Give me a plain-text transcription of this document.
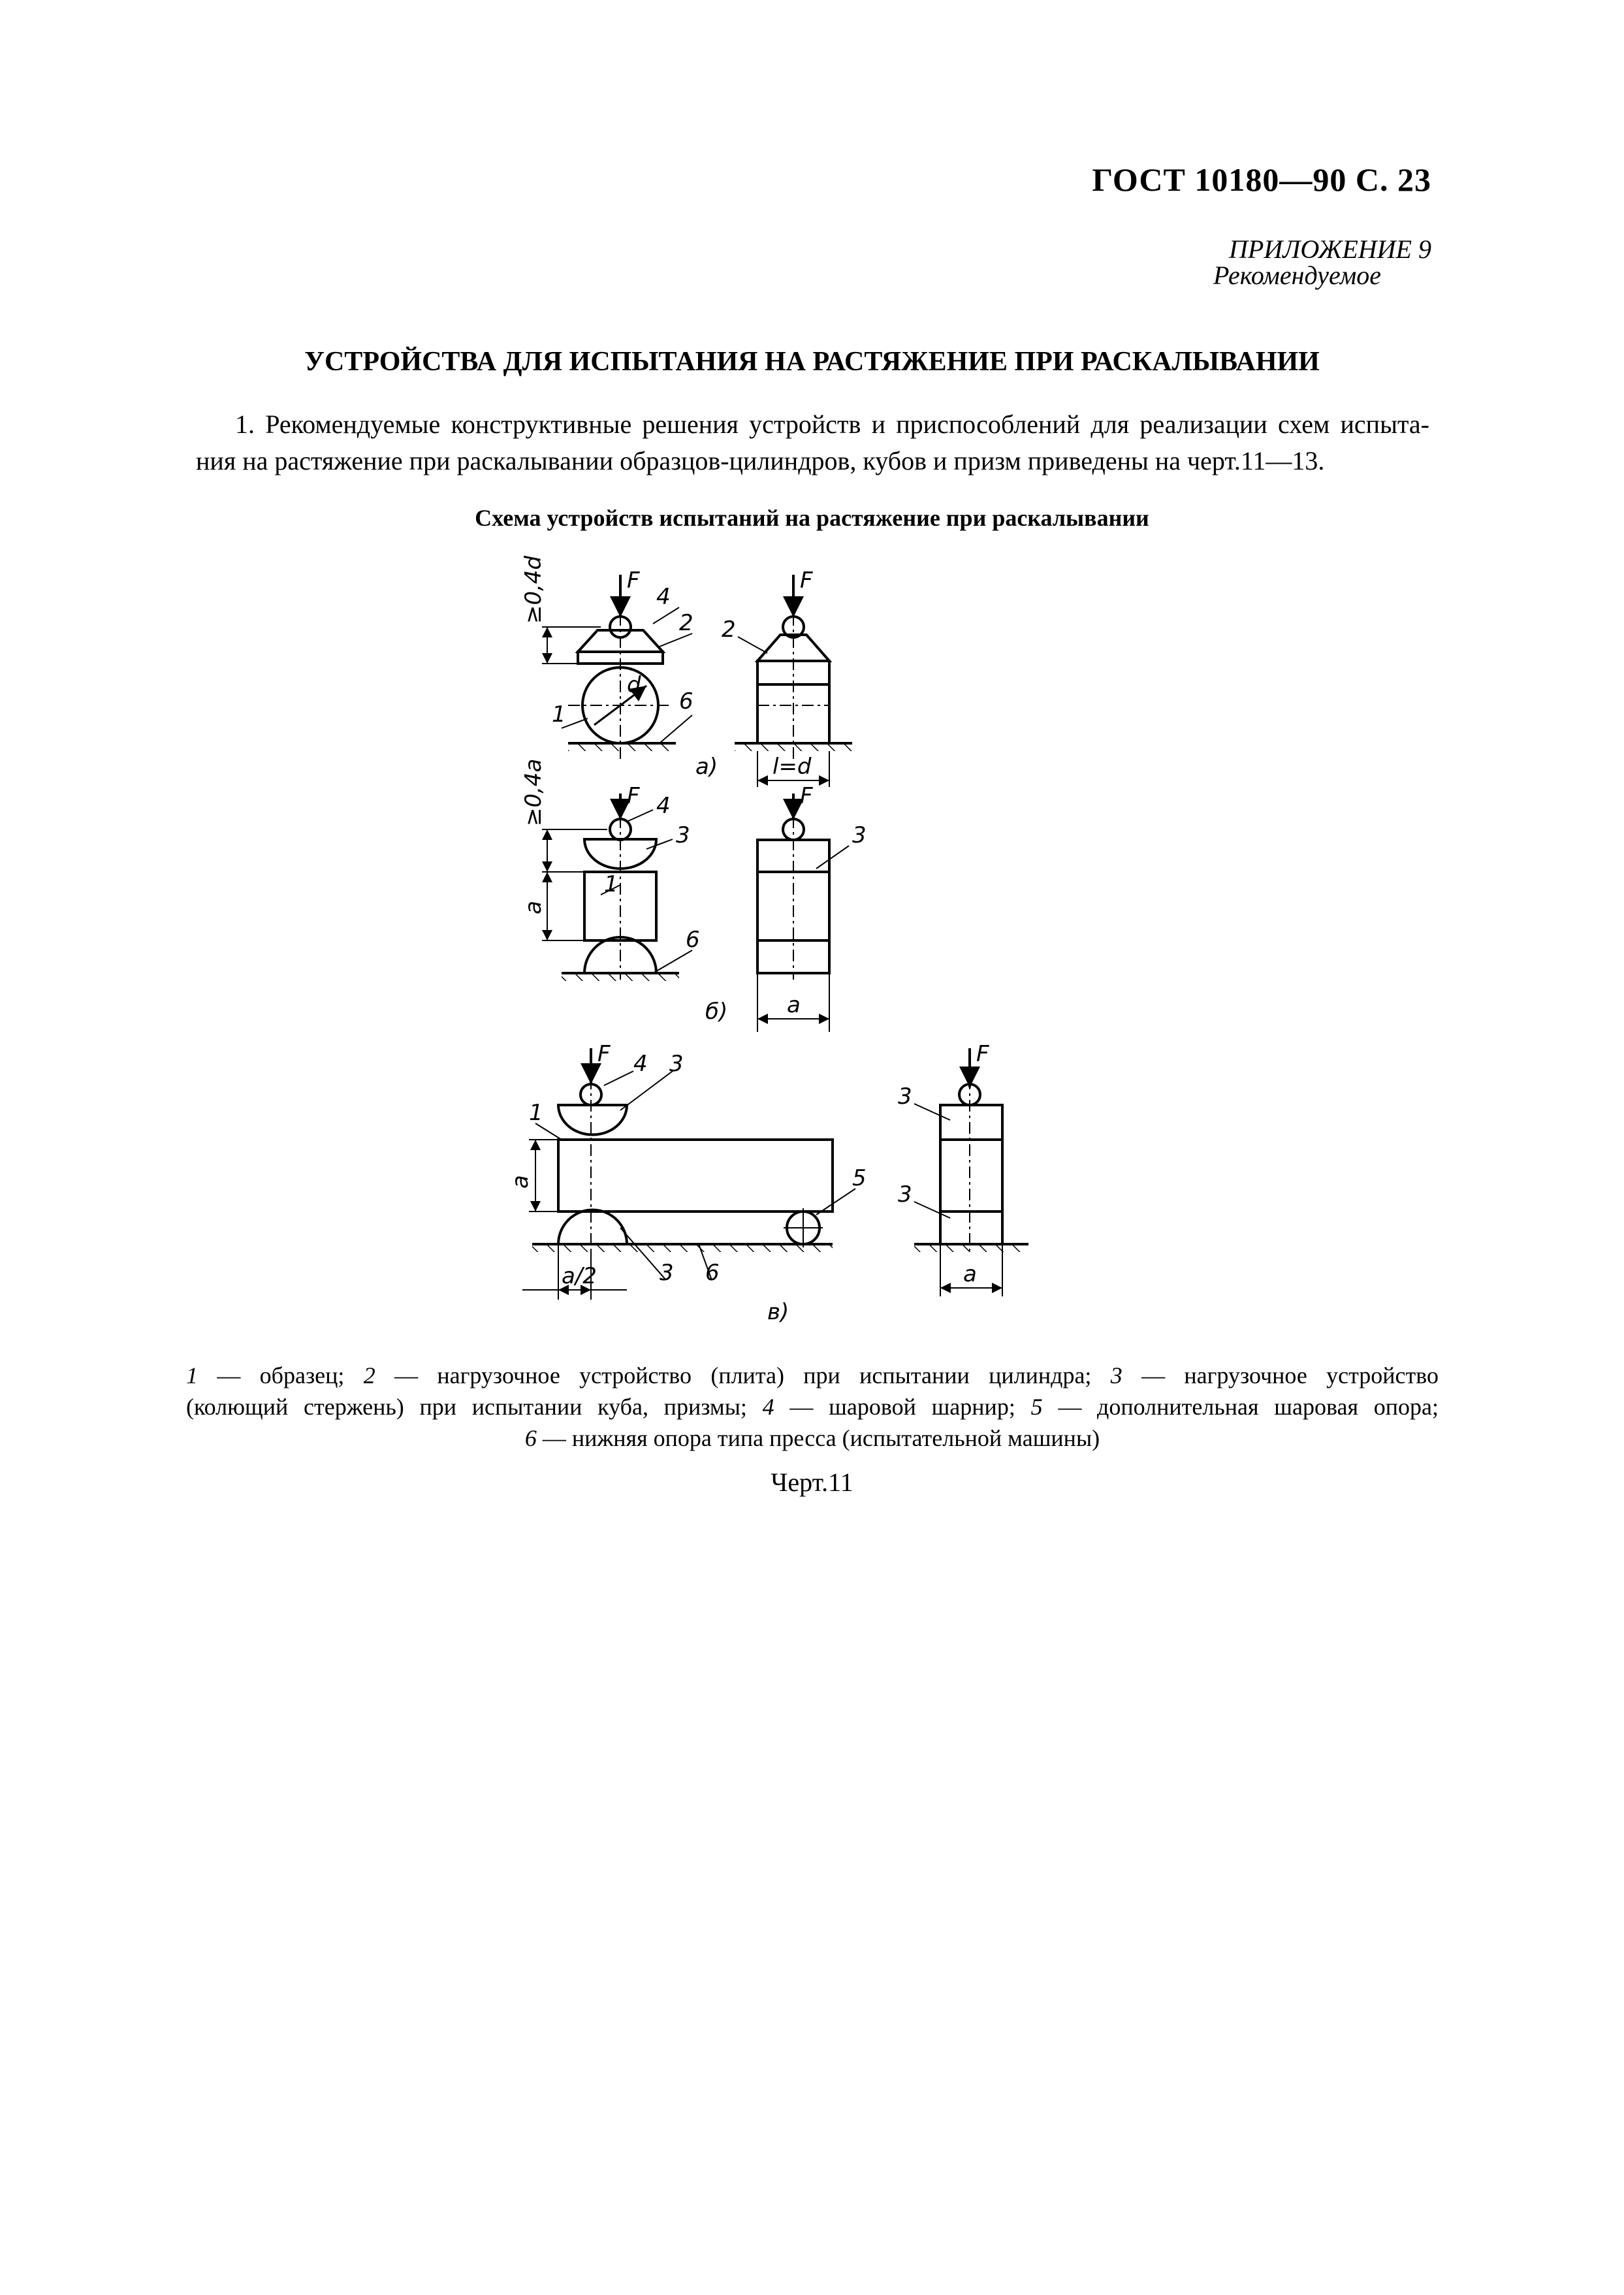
ГОСТ 10180—90 С. 23
ПРИЛОЖЕНИЕ 9
Рекомендуемое
УСТРОЙСТВА ДЛЯ ИСПЫТАНИЯ НА РАСТЯЖЕНИЕ ПРИ РАСКАЛЫВАНИИ
1. Рекомендуемые конструктивные решения устройств и приспособлений для реализации схем испыта-
ния на растяжение при раскалывании образцов-цилиндров, кубов и призм приведены на черт.11—13.
Схема устройств испытаний на растяжение при раскалывании
F
4
2
d
1	6
≥0,4d	F
2
l=d
а)
F 4
3
1
6
≥0,4a
a
F
3
a
б)
F 4 3
1
a	5
a/2	3 6
в)
F
3
3
a
1 — образец; 2 — нагрузочное устройство (плита) при испытании цилиндра; 3 — нагрузочное устройство
(колющий стержень) при испытании куба, призмы; 4 — шаровой шарнир; 5 — дополнительная шаровая опора;
6 — нижняя опора типа пресса (испытательной машины)
Черт.11
